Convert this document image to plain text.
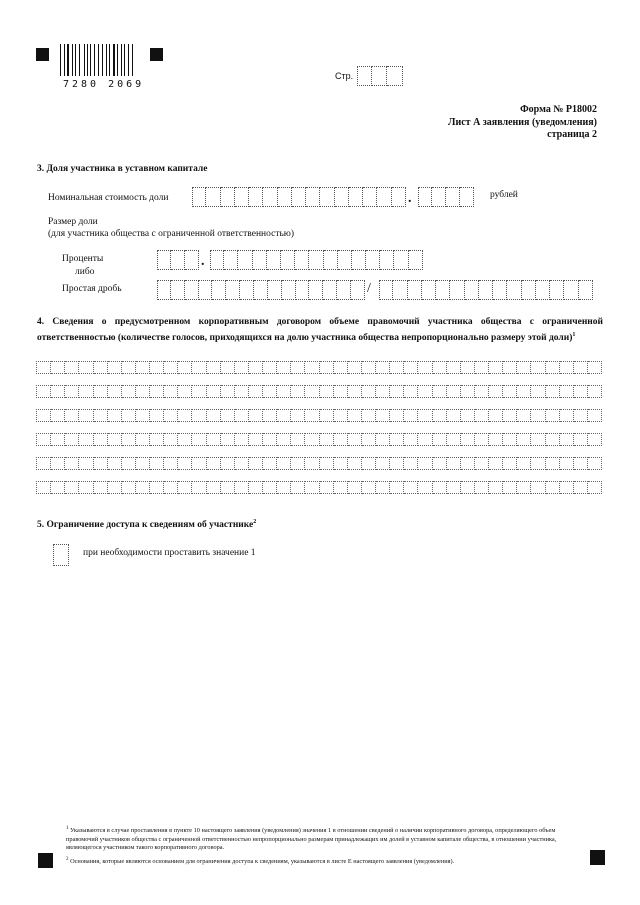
7280 2069
Стр.
Форма № Р18002
Лист А заявления (уведомления)
страница 2
3. Доля участника в уставном капитале
Номинальная стоимость доли	.	рублей
Размер доли
(для участника общества с ограниченной ответственностью)
Проценты
либо
.
Простая дробь	/
4. Сведения о предусмотренном корпоративным договором объеме правомочий участника общества с ограниченной ответственностью (количестве голосов, приходящихся на долю участника общества непропорционально размеру этой доли)$^1$
5. Ограничение доступа к сведениям об участнике$^2$
при необходимости проставить значение 1
$^1$ Указываются в случае проставления в пункте 10 настоящего заявления (уведомления) значения 1 в отношении сведений о наличии корпоративного договора, определяющего объем правомочий участников общества с ограниченной ответственностью непропорционально размерам принадлежащих им долей в уставном капитале общества, в отношении участника, являющегося участником такого корпоративного договора.
$^2$ Основания, которые являются основанием для ограничения доступа к сведениям, указываются в листе Е настоящего заявления (уведомления).
